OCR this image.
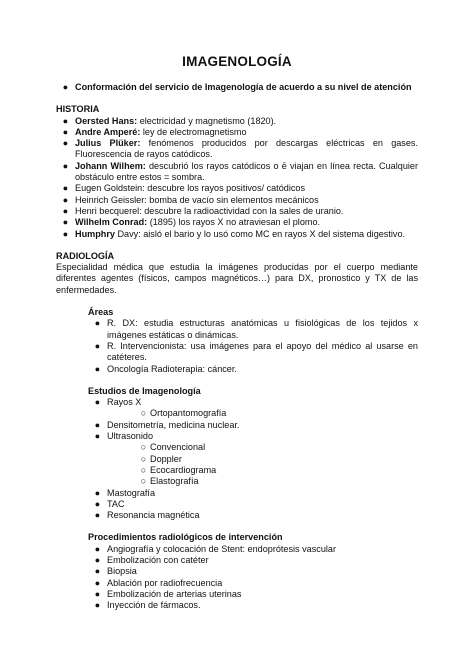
IMAGENOLOGÍA
● Conformación del servicio de Imagenología de acuerdo a su nivel de atención
HISTORIA
● Oersted Hans: electricidad y magnetismo (1820).
● Andre Amperé: ley de electromagnetismo
● Julius Plüker: fenómenos producidos por descargas eléctricas en gases. Fluorescencia de rayos catódicos.
● Johann Wilhem: descubrió los rayos catódicos o ē viajan en línea recta. Cualquier obstáculo entre estos = sombra.
● Eugen Goldstein: descubre los rayos positivos/ catódicos
● Heinrich Geissler: bomba de vacío sin elementos mecánicos
● Henri becquerel: descubre la radioactividad con la sales de uranio.
● Wilhelm Conrad: (1895) los rayos X no atraviesan el plomo.
● Humphry Davy: aisló el bario y lo usó como MC en rayos X del sistema digestivo.
RADIOLOGÍA
Especialidad médica que estudia la imágenes producidas por el cuerpo mediante diferentes agentes (físicos, campos magnéticos…) para DX, pronostico y TX de las enfermedades.
Áreas
● R. DX: estudia estructuras anatómicas u fisiológicas de los tejidos x imágenes estáticas o dinámicas.
● R. Intervencionista: usa imágenes para el apoyo del médico al usarse en catéteres.
● Oncología Radioterapia: cáncer.
Estudios de Imagenología
● Rayos X
○ Ortopantomografía
● Densitometría, medicina nuclear.
● Ultrasonido
○ Convencional
○ Doppler
○ Ecocardiograma
○ Elastografía
● Mastografía
● TAC
● Resonancia magnética
Procedimientos radiológicos de intervención
● Angiografía y colocación de Stent: endoprótesis vascular
● Embolización con catéter
● Biopsia
● Ablación por radiofrecuencia
● Embolización de arterias uterinas
● Inyección de fármacos.
